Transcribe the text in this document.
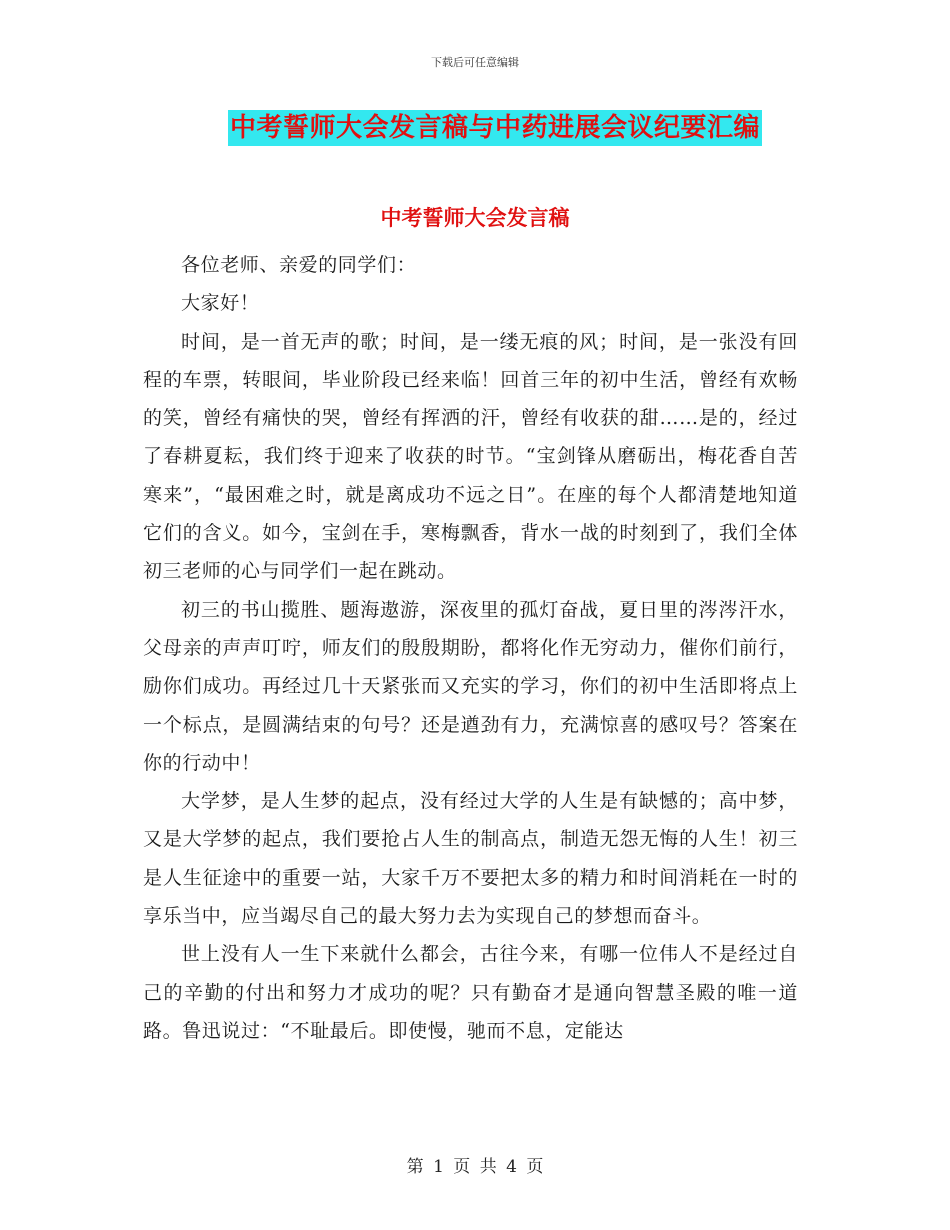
下载后可任意编辑
中考誓师大会发言稿与中药进展会议纪要汇编
中考誓师大会发言稿

各位老师、亲爱的同学们：

大家好！

时间，是一首无声的歌；时间，是一缕无痕的风；时间，是一张没有回程的车票，转眼间，毕业阶段已经来临！回首三年的初中生活，曾经有欢畅的笑，曾经有痛快的哭，曾经有挥洒的汗，曾经有收获的甜……是的，经过了春耕夏耘，我们终于迎来了收获的时节。“宝剑锋从磨砺出，梅花香自苦寒来”，“最困难之时，就是离成功不远之日”。在座的每个人都清楚地知道它们的含义。如今，宝剑在手，寒梅飘香，背水一战的时刻到了，我们全体初三老师的心与同学们一起在跳动。

初三的书山揽胜、题海遨游，深夜里的孤灯奋战，夏日里的涔涔汗水，父母亲的声声叮咛，师友们的殷殷期盼，都将化作无穷动力，催你们前行，励你们成功。再经过几十天紧张而又充实的学习，你们的初中生活即将点上一个标点，是圆满结束的句号？还是遒劲有力，充满惊喜的感叹号？答案在你的行动中！

大学梦，是人生梦的起点，没有经过大学的人生是有缺憾的；高中梦，又是大学梦的起点，我们要抢占人生的制高点，制造无怨无悔的人生！初三是人生征途中的重要一站，大家千万不要把太多的精力和时间消耗在一时的享乐当中，应当竭尽自己的最大努力去为实现自己的梦想而奋斗。

世上没有人一生下来就什么都会，古往今来，有哪一位伟人不是经过自己的辛勤的付出和努力才成功的呢？只有勤奋才是通向智慧圣殿的唯一道路。鲁迅说过：“不耻最后。即使慢，驰而不息，定能达

第 1 页 共 4 页
